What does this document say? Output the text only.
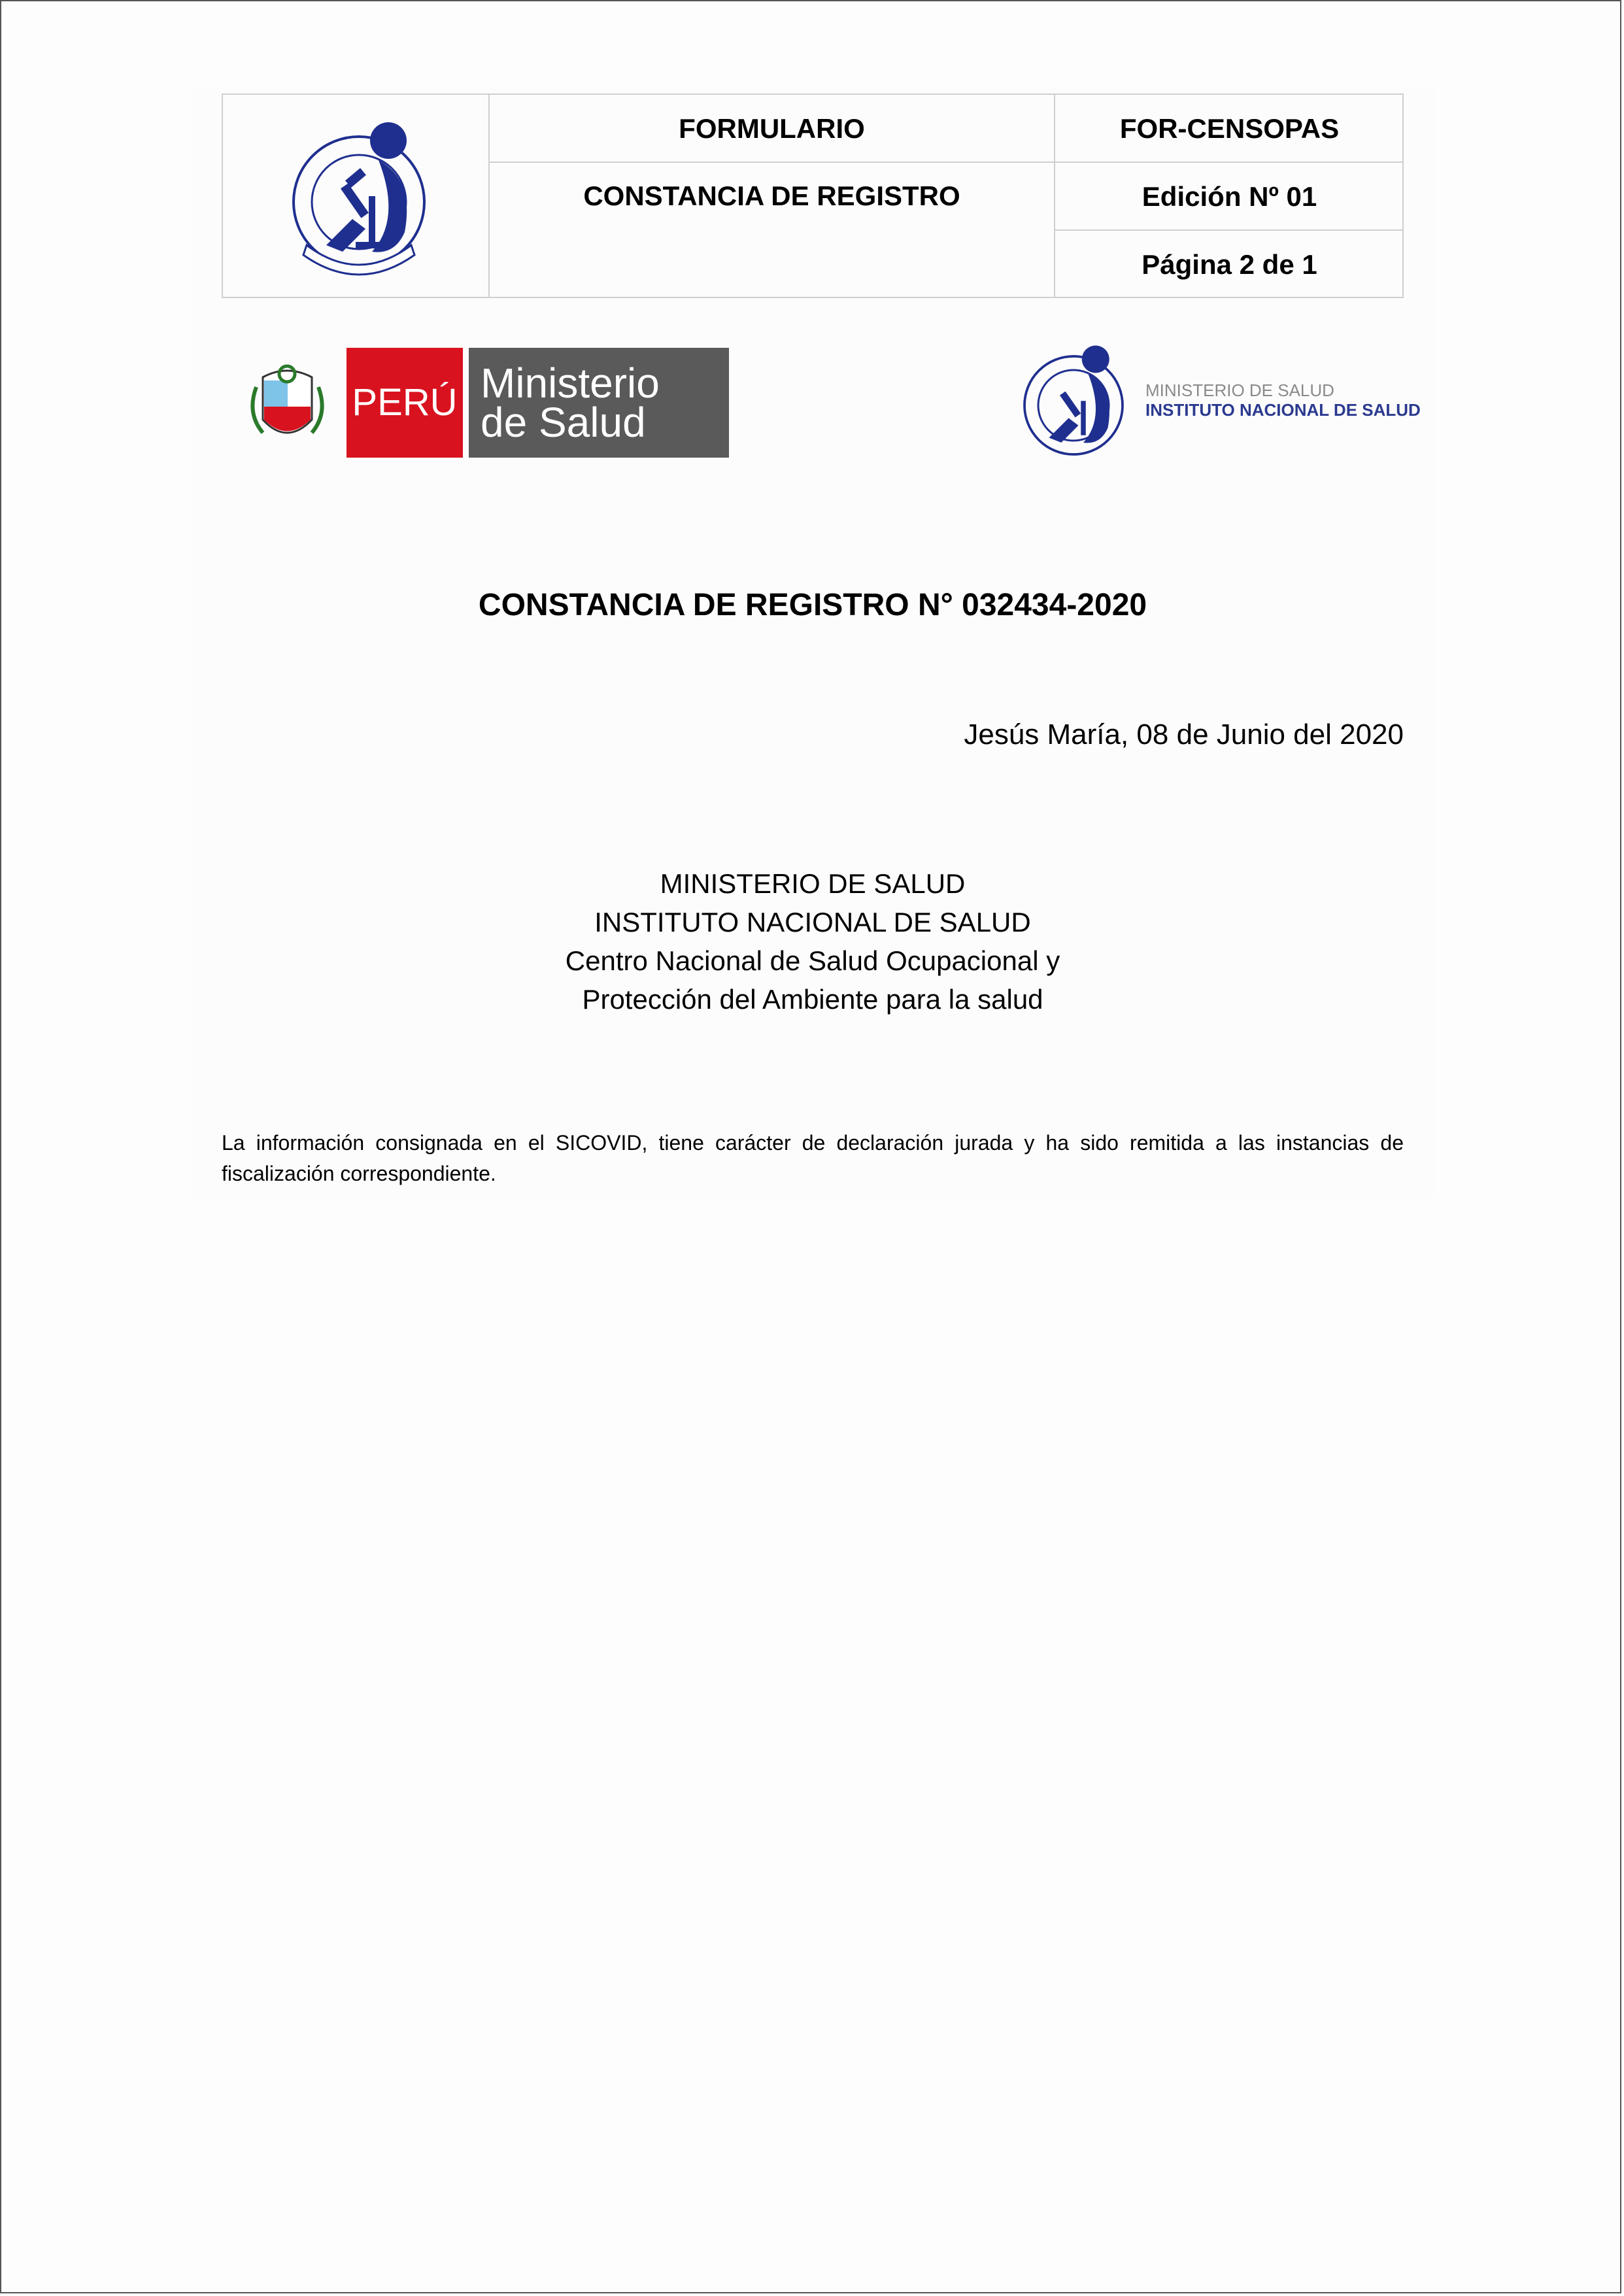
FORMULARIO
CONSTANCIA DE REGISTRO
FOR-CENSOPAS
Edición Nº 01
Página 2 de 1
PERÚ Ministerio
de Salud
MINISTERIO DE SALUD
INSTITUTO NACIONAL DE SALUD
CONSTANCIA DE REGISTRO N° 032434-2020
Jesús María, 08 de Junio del 2020
MINISTERIO DE SALUD
INSTITUTO NACIONAL DE SALUD
Centro Nacional de Salud Ocupacional y
Protección del Ambiente para la salud
La información consignada en el SICOVID, tiene carácter de declaración jurada y ha sido remitida a las instancias de fiscalización correspondiente.
